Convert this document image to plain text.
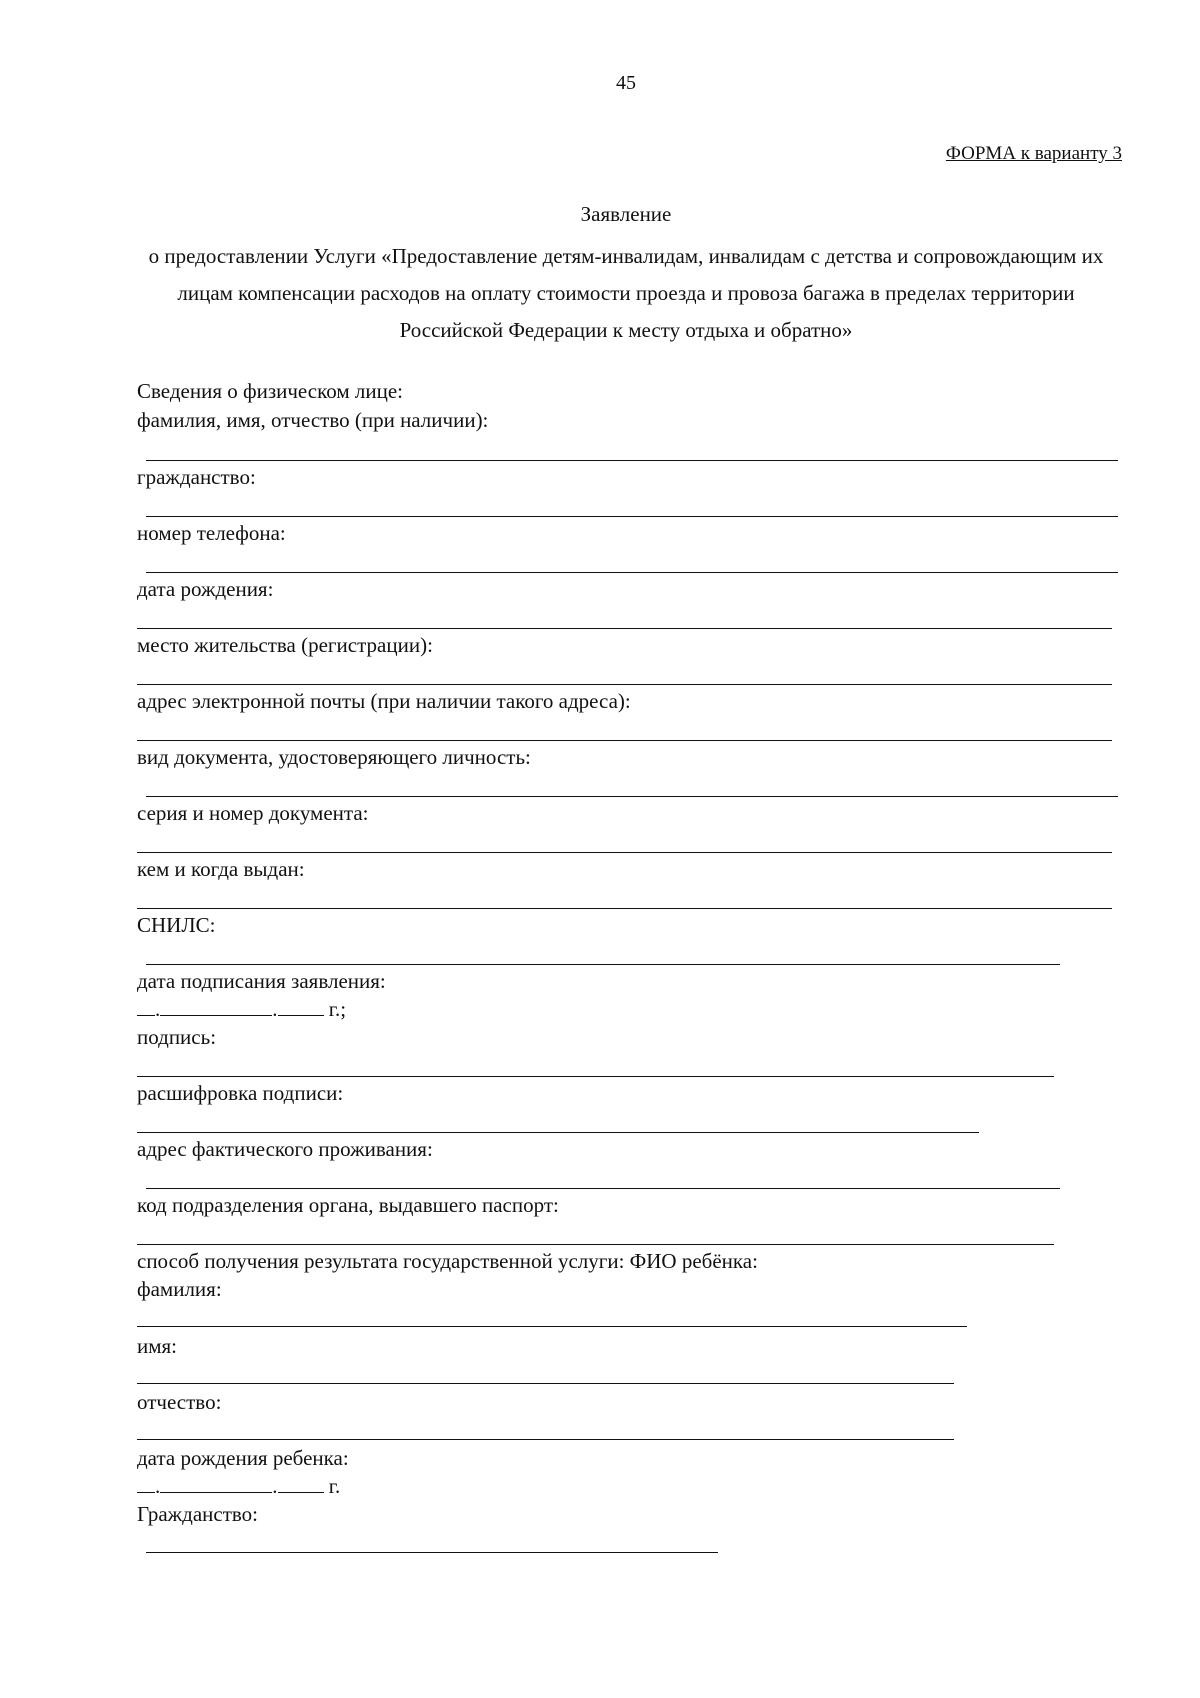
45
ФОРМА к варианту 3
Заявление
о предоставлении Услуги «Предоставление детям-инвалидам, инвалидам с детства и сопровождающим их лицам компенсации расходов на оплату стоимости проезда и провоза багажа в пределах территории Российской Федерации к месту отдыха и обратно»
Сведения о физическом лице:
фамилия, имя, отчество (при наличии):
гражданство:
номер телефона:
дата рождения:
место жительства (регистрации):
адрес электронной почты (при наличии такого адреса):
вид документа, удостоверяющего личность:
серия и номер документа:
кем и когда выдан:
СНИЛС:
дата подписания заявления:
.	. г.;
подпись:
расшифровка подписи:
адрес фактического проживания:
код подразделения органа, выдавшего паспорт:
способ получения результата государственной услуги: ФИО ребёнка:
фамилия:
имя:
отчество:
дата рождения ребенка:
.	. г.
Гражданство:
